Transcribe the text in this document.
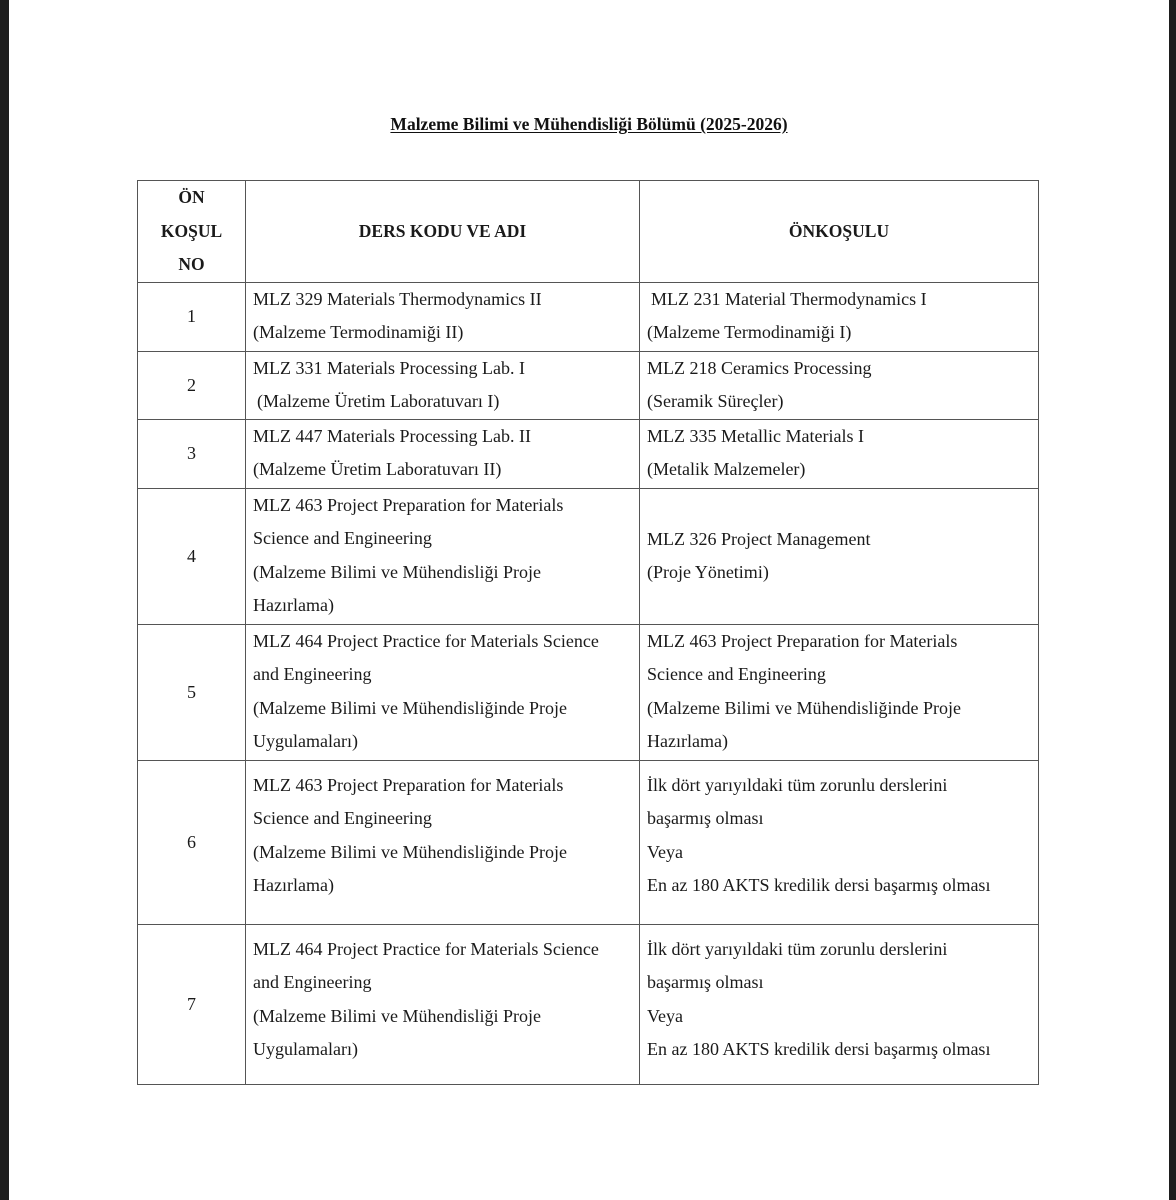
Malzeme Bilimi ve Mühendisliği Bölümü (2025-2026)
ÖN
KOŞUL
NO	DERS KODU VE ADI	ÖNKOŞULU
1	MLZ 329 Materials Thermodynamics II
(Malzeme Termodinamiği II)	MLZ 231 Material Thermodynamics I
(Malzeme Termodinamiği I)

2	MLZ 331 Materials Processing Lab. I
(Malzeme Üretim Laboratuvarı I)	MLZ 218 Ceramics Processing
(Seramik Süreçler)

3	MLZ 447 Materials Processing Lab. II
(Malzeme Üretim Laboratuvarı II)	MLZ 335 Metallic Materials I
(Metalik Malzemeler)

4	MLZ 463 Project Preparation for Materials
Science and Engineering
(Malzeme Bilimi ve Mühendisliği Proje
Hazırlama)	MLZ 326 Project Management
(Proje Yönetimi)

5	MLZ 464 Project Practice for Materials Science
and Engineering
(Malzeme Bilimi ve Mühendisliğinde Proje
Uygulamaları)	MLZ 463 Project Preparation for Materials
Science and Engineering
(Malzeme Bilimi ve Mühendisliğinde Proje
Hazırlama)

6	MLZ 463 Project Preparation for Materials
Science and Engineering
(Malzeme Bilimi ve Mühendisliğinde Proje
Hazırlama)	İlk dört yarıyıldaki tüm zorunlu derslerini
başarmış olması
Veya
En az 180 AKTS kredilik dersi başarmış olması

7	MLZ 464 Project Practice for Materials Science
and Engineering
(Malzeme Bilimi ve Mühendisliği Proje
Uygulamaları)	İlk dört yarıyıldaki tüm zorunlu derslerini
başarmış olması
Veya
En az 180 AKTS kredilik dersi başarmış olması
